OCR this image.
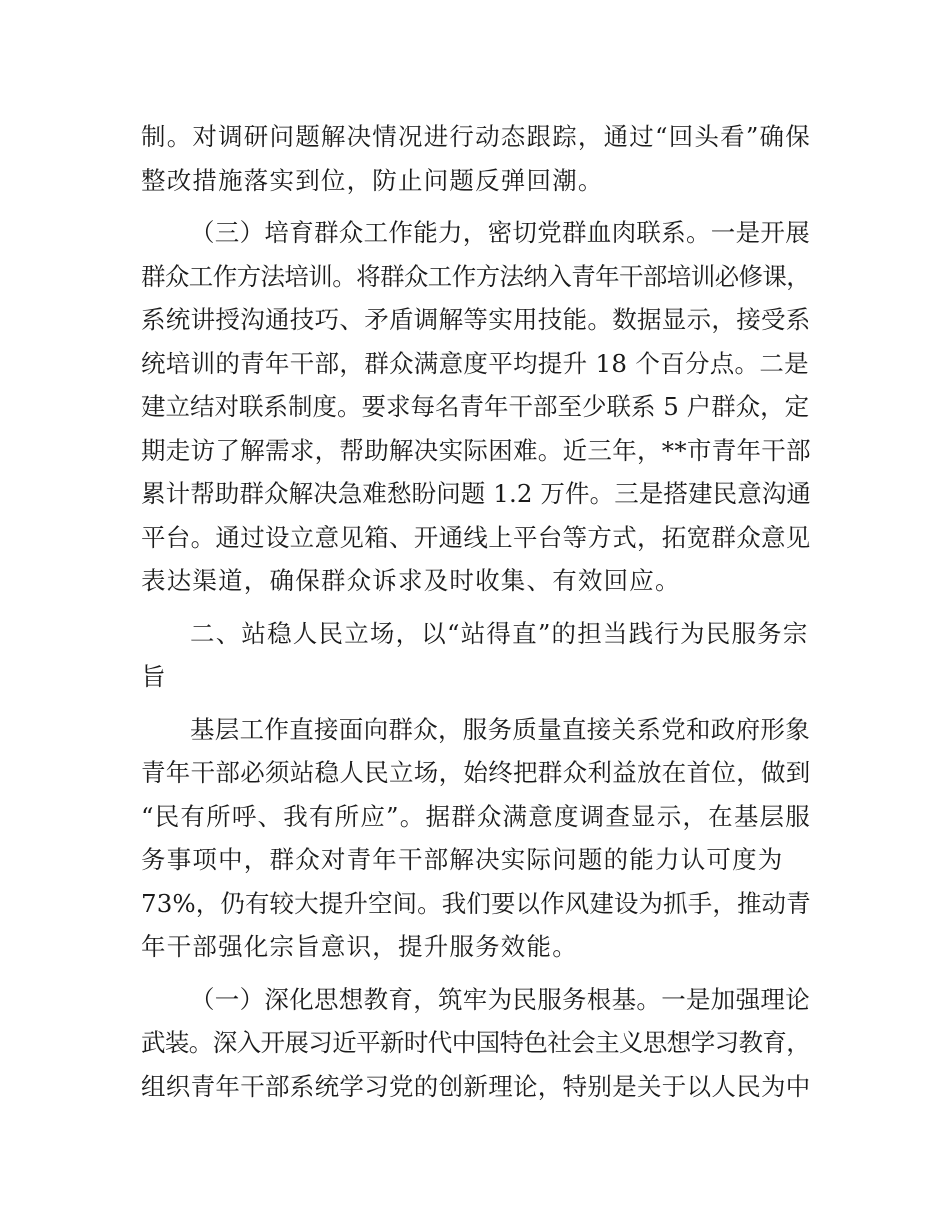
制。对调研问题解决情况进行动态跟踪，通过“回头看”确保
整改措施落实到位，防止问题反弹回潮。

（三）培育群众工作能力，密切党群血肉联系。一是开展
群众工作方法培训。将群众工作方法纳入青年干部培训必修课，
系统讲授沟通技巧、矛盾调解等实用技能。数据显示，接受系
统培训的青年干部，群众满意度平均提升 18 个百分点。二是
建立结对联系制度。要求每名青年干部至少联系 5 户群众，定
期走访了解需求，帮助解决实际困难。近三年，**市青年干部
累计帮助群众解决急难愁盼问题 1.2 万件。三是搭建民意沟通
平台。通过设立意见箱、开通线上平台等方式，拓宽群众意见
表达渠道，确保群众诉求及时收集、有效回应。

二、站稳人民立场，以“站得直”的担当践行为民服务宗
旨

基层工作直接面向群众，服务质量直接关系党和政府形象
青年干部必须站稳人民立场，始终把群众利益放在首位，做到
“民有所呼、我有所应”。据群众满意度调查显示，在基层服
务事项中，群众对青年干部解决实际问题的能力认可度为
73%，仍有较大提升空间。我们要以作风建设为抓手，推动青
年干部强化宗旨意识，提升服务效能。

（一）深化思想教育，筑牢为民服务根基。一是加强理论
武装。深入开展习近平新时代中国特色社会主义思想学习教育，
组织青年干部系统学习党的创新理论，特别是关于以人民为中
